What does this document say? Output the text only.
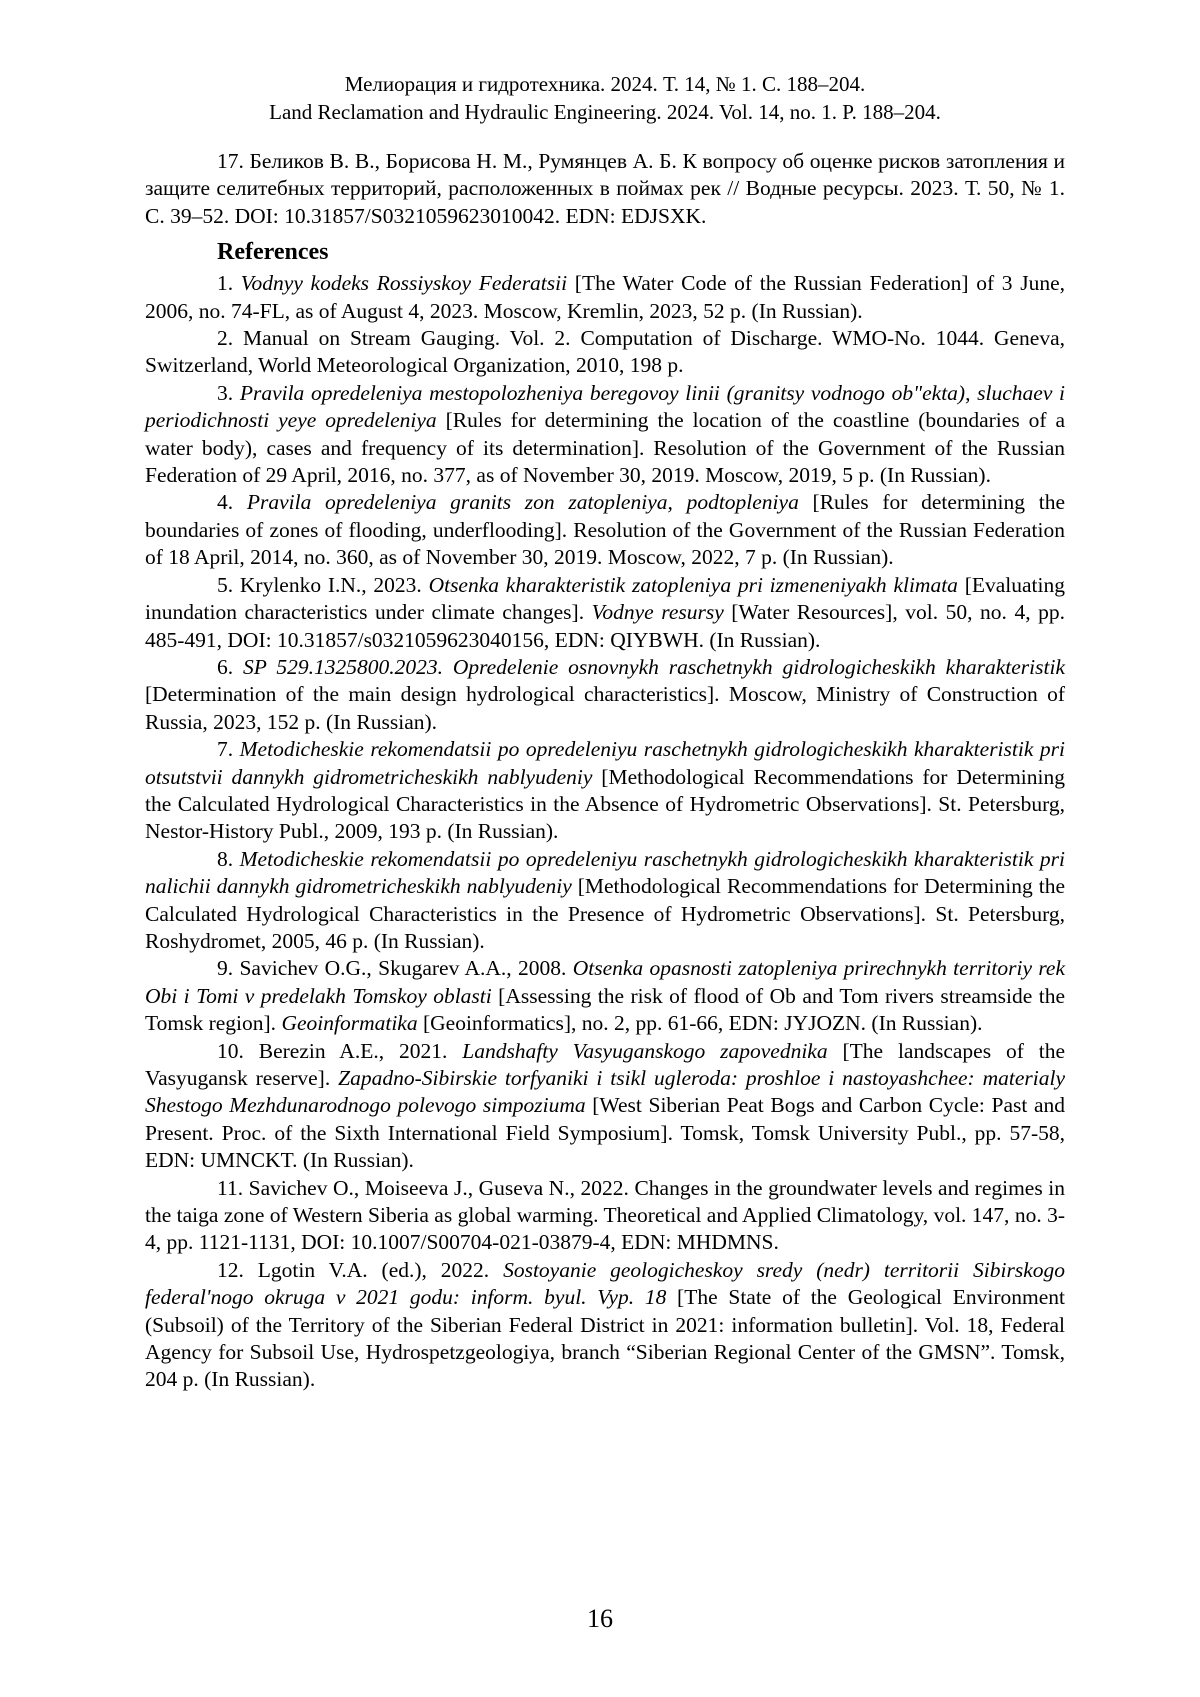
Мелиорация и гидротехника. 2024. Т. 14, № 1. С. 188–204.
Land Reclamation and Hydraulic Engineering. 2024. Vol. 14, no. 1. P. 188–204.

17. Беликов В. В., Борисова Н. М., Румянцев А. Б. К вопросу об оценке рисков затопления и защите селитебных территорий, расположенных в поймах рек // Водные ресурсы. 2023. Т. 50, № 1. С. 39–52. DOI: 10.31857/S0321059623010042. EDN: EDJSXK.

References

1. Vodnyy kodeks Rossiyskoy Federatsii [The Water Code of the Russian Federation] of 3 June, 2006, no. 74-FL, as of August 4, 2023. Moscow, Kremlin, 2023, 52 p. (In Russian).

2. Manual on Stream Gauging. Vol. 2. Computation of Discharge. WMO-No. 1044. Geneva, Switzerland, World Meteorological Organization, 2010, 198 p.

3. Pravila opredeleniya mestopolozheniya beregovoy linii (granitsy vodnogo ob"ekta), sluchaev i periodichnosti yeye opredeleniya [Rules for determining the location of the coastline (boundaries of a water body), cases and frequency of its determination]. Resolution of the Government of the Russian Federation of 29 April, 2016, no. 377, as of November 30, 2019. Moscow, 2019, 5 p. (In Russian).

4. Pravila opredeleniya granits zon zatopleniya, podtopleniya [Rules for determining the boundaries of zones of flooding, underflooding]. Resolution of the Government of the Russian Federation of 18 April, 2014, no. 360, as of November 30, 2019. Moscow, 2022, 7 p. (In Russian).

5. Krylenko I.N., 2023. Otsenka kharakteristik zatopleniya pri izmeneniyakh klimata [Evaluating inundation characteristics under climate changes]. Vodnye resursy [Water Resources], vol. 50, no. 4, pp. 485-491, DOI: 10.31857/s0321059623040156, EDN: QIYBWH. (In Russian).

6. SP 529.1325800.2023. Opredelenie osnovnykh raschetnykh gidrologicheskikh kharakteristik [Determination of the main design hydrological characteristics]. Moscow, Ministry of Construction of Russia, 2023, 152 p. (In Russian).

7. Metodicheskie rekomendatsii po opredeleniyu raschetnykh gidrologicheskikh kharakteristik pri otsutstvii dannykh gidrometricheskikh nablyudeniy [Methodological Recommendations for Determining the Calculated Hydrological Characteristics in the Absence of Hydrometric Observations]. St. Petersburg, Nestor-History Publ., 2009, 193 p. (In Russian).

8. Metodicheskie rekomendatsii po opredeleniyu raschetnykh gidrologicheskikh kharakteristik pri nalichii dannykh gidrometricheskikh nablyudeniy [Methodological Recommendations for Determining the Calculated Hydrological Characteristics in the Presence of Hydrometric Observations]. St. Petersburg, Roshydromet, 2005, 46 p. (In Russian).

9. Savichev O.G., Skugarev A.A., 2008. Otsenka opasnosti zatopleniya prirechnykh territoriy rek Obi i Tomi v predelakh Tomskoy oblasti [Assessing the risk of flood of Ob and Tom rivers streamside the Tomsk region]. Geoinformatika [Geoinformatics], no. 2, pp. 61-66, EDN: JYJOZN. (In Russian).

10. Berezin A.E., 2021. Landshafty Vasyuganskogo zapovednika [The landscapes of the Vasyugansk reserve]. Zapadno-Sibirskie torfyaniki i tsikl ugleroda: proshloe i nastoyashchee: materialy Shestogo Mezhdunarodnogo polevogo simpoziuma [West Siberian Peat Bogs and Carbon Cycle: Past and Present. Proc. of the Sixth International Field Symposium]. Tomsk, Tomsk University Publ., pp. 57-58, EDN: UMNCKT. (In Russian).

11. Savichev O., Moiseeva J., Guseva N., 2022. Changes in the groundwater levels and regimes in the taiga zone of Western Siberia as global warming. Theoretical and Applied Climatology, vol. 147, no. 3-4, pp. 1121-1131, DOI: 10.1007/S00704-021-03879-4, EDN: MHDMNS.

12. Lgotin V.A. (ed.), 2022. Sostoyanie geologicheskoy sredy (nedr) territorii Sibirskogo federal'nogo okruga v 2021 godu: inform. byul. Vyp. 18 [The State of the Geological Environment (Subsoil) of the Territory of the Siberian Federal District in 2021: information bulletin]. Vol. 18, Federal Agency for Subsoil Use, Hydrospetzgeologiya, branch “Siberian Regional Center of the GMSN”. Tomsk, 204 p. (In Russian).

16
